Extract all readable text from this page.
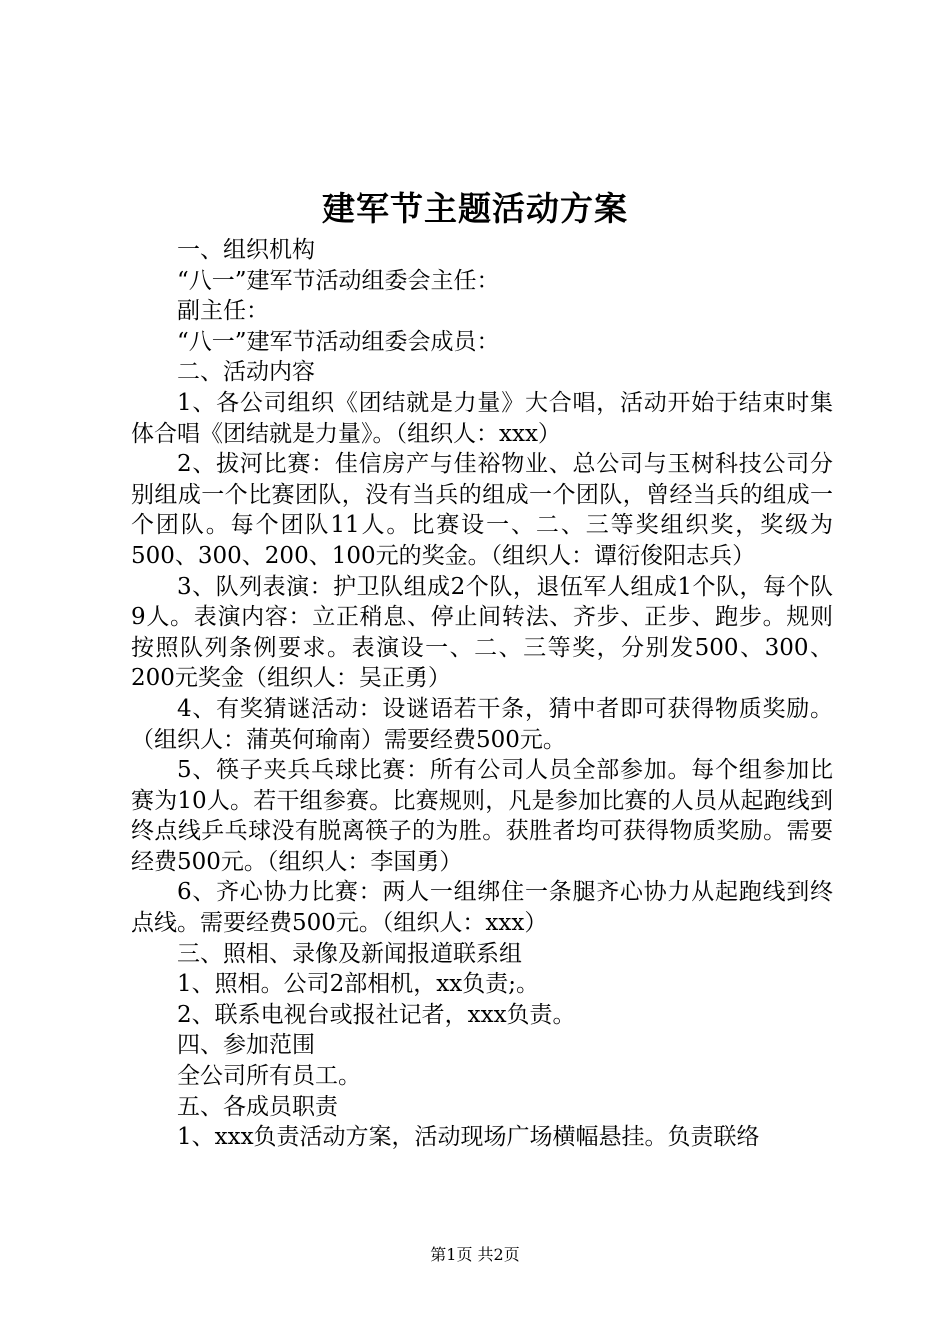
建军节主题活动方案

一、组织机构

“八一”建军节活动组委会主任：

副主任：

“八一”建军节活动组委会成员：

二、活动内容

1、各公司组织《团结就是力量》大合唱，活动开始于结束时集体合唱《团结就是力量》。（组织人：xxx）

2、拔河比赛：佳信房产与佳裕物业、总公司与玉树科技公司分别组成一个比赛团队，没有当兵的组成一个团队，曾经当兵的组成一个团队。每个团队11人。比赛设一、二、三等奖组织奖，奖级为500、300、200、100元的奖金。（组织人：谭衍俊阳志兵）

3、队列表演：护卫队组成2个队，退伍军人组成1个队，每个队9人。表演内容：立正稍息、停止间转法、齐步、正步、跑步。规则按照队列条例要求。表演设一、二、三等奖，分别发500、300、200元奖金（组织人：吴正勇）

4、有奖猜谜活动：设谜语若干条，猜中者即可获得物质奖励。（组织人：蒲英何瑜南）需要经费500元。

5、筷子夹兵乓球比赛：所有公司人员全部参加。每个组参加比赛为10人。若干组参赛。比赛规则，凡是参加比赛的人员从起跑线到终点线乒乓球没有脱离筷子的为胜。获胜者均可获得物质奖励。需要经费500元。（组织人：李国勇）

6、齐心协力比赛：两人一组绑住一条腿齐心协力从起跑线到终点线。需要经费500元。（组织人：xxx）

三、照相、录像及新闻报道联系组

1、照相。公司2部相机，xx负责;。

2、联系电视台或报社记者，xxx负责。

四、参加范围

全公司所有员工。

五、各成员职责

1、xxx负责活动方案，活动现场广场横幅悬挂。负责联络

第1页 共2页
